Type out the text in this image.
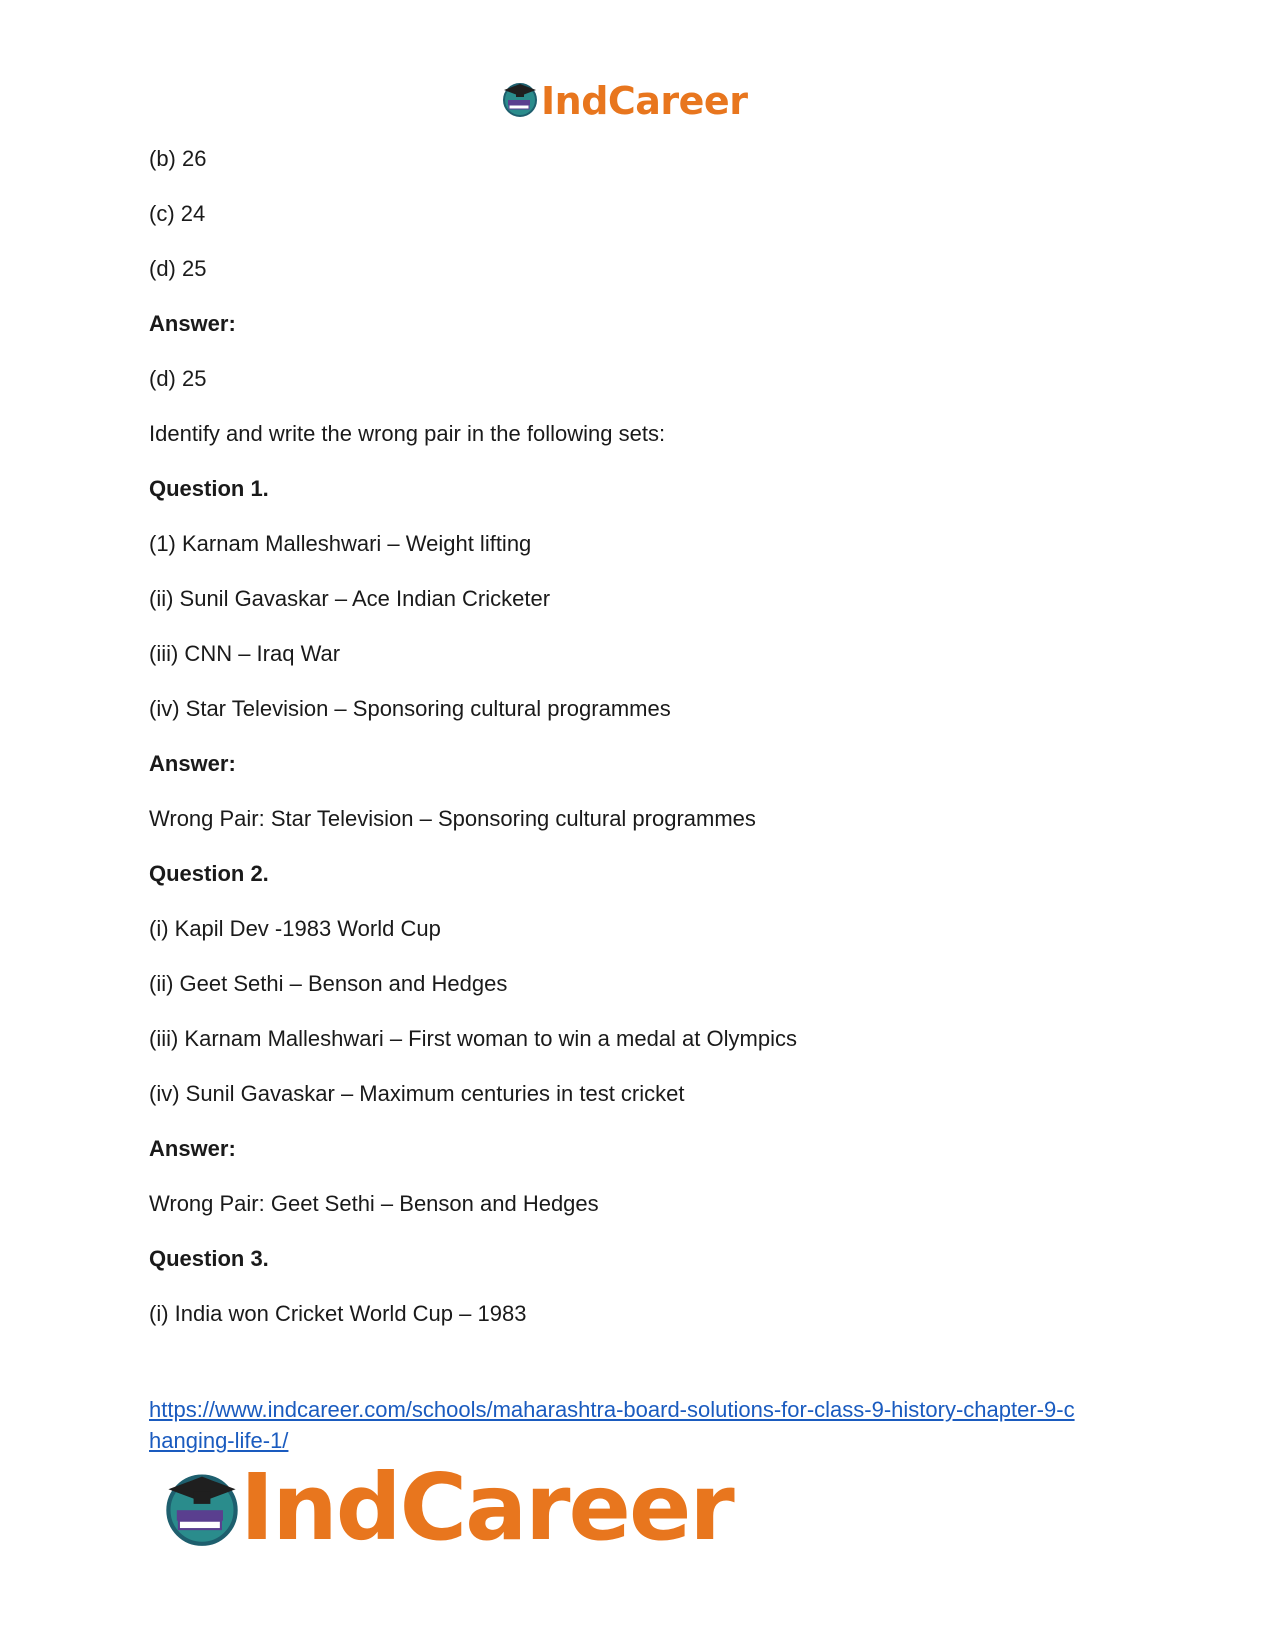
IndCareer
(b) 26
(c) 24
(d) 25
Answer:
(d) 25
Identify and write the wrong pair in the following sets:
Question 1.
(1) Karnam Malleshwari – Weight lifting
(ii) Sunil Gavaskar – Ace Indian Cricketer
(iii) CNN – Iraq War
(iv) Star Television – Sponsoring cultural programmes
Answer:
Wrong Pair: Star Television – Sponsoring cultural programmes
Question 2.
(i) Kapil Dev -1983 World Cup
(ii) Geet Sethi – Benson and Hedges
(iii) Karnam Malleshwari – First woman to win a medal at Olympics
(iv) Sunil Gavaskar – Maximum centuries in test cricket
Answer:
Wrong Pair: Geet Sethi – Benson and Hedges
Question 3.
(i) India won Cricket World Cup – 1983
https://www.indcareer.com/schools/maharashtra-board-solutions-for-class-9-history-chapter-9-c
hanging-life-1/
IndCareer
